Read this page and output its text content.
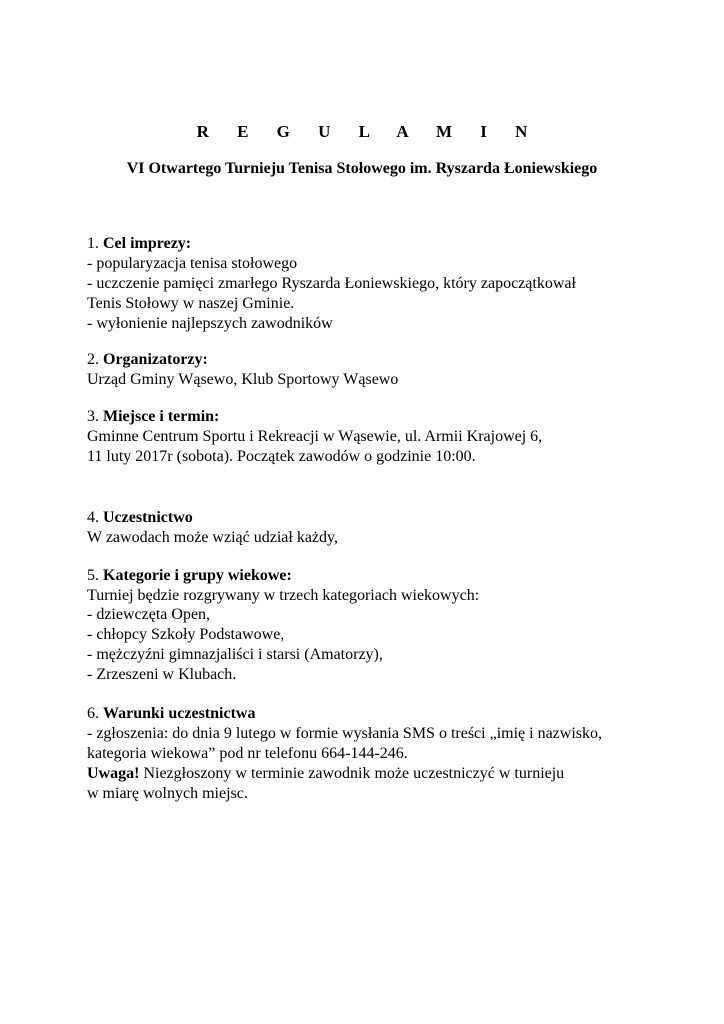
R E G U L A M I N
VI Otwartego Turnieju Tenisa Stołowego im. Ryszarda Łoniewskiego
1. Cel imprezy:
- popularyzacja tenisa stołowego
- uczczenie pamięci zmarłego Ryszarda Łoniewskiego, który zapoczątkował
Tenis Stołowy w naszej Gminie.
- wyłonienie najlepszych zawodników
2. Organizatorzy:
Urząd Gminy Wąsewo, Klub Sportowy Wąsewo
3. Miejsce i termin:
Gminne Centrum Sportu i Rekreacji w Wąsewie, ul. Armii Krajowej 6,
11 luty 2017r (sobota). Początek zawodów o godzinie 10:00.
4. Uczestnictwo
W zawodach może wziąć udział każdy,
5. Kategorie i grupy wiekowe:
Turniej będzie rozgrywany w trzech kategoriach wiekowych:
- dziewczęta Open,
- chłopcy Szkoły Podstawowe,
- mężczyźni gimnazjaliści i starsi (Amatorzy),
- Zrzeszeni w Klubach.
6. Warunki uczestnictwa
- zgłoszenia: do dnia 9 lutego w formie wysłania SMS o treści „imię i nazwisko,
kategoria wiekowa” pod nr telefonu 664-144-246.
Uwaga! Niezgłoszony w terminie zawodnik może uczestniczyć w turnieju
w miarę wolnych miejsc.
